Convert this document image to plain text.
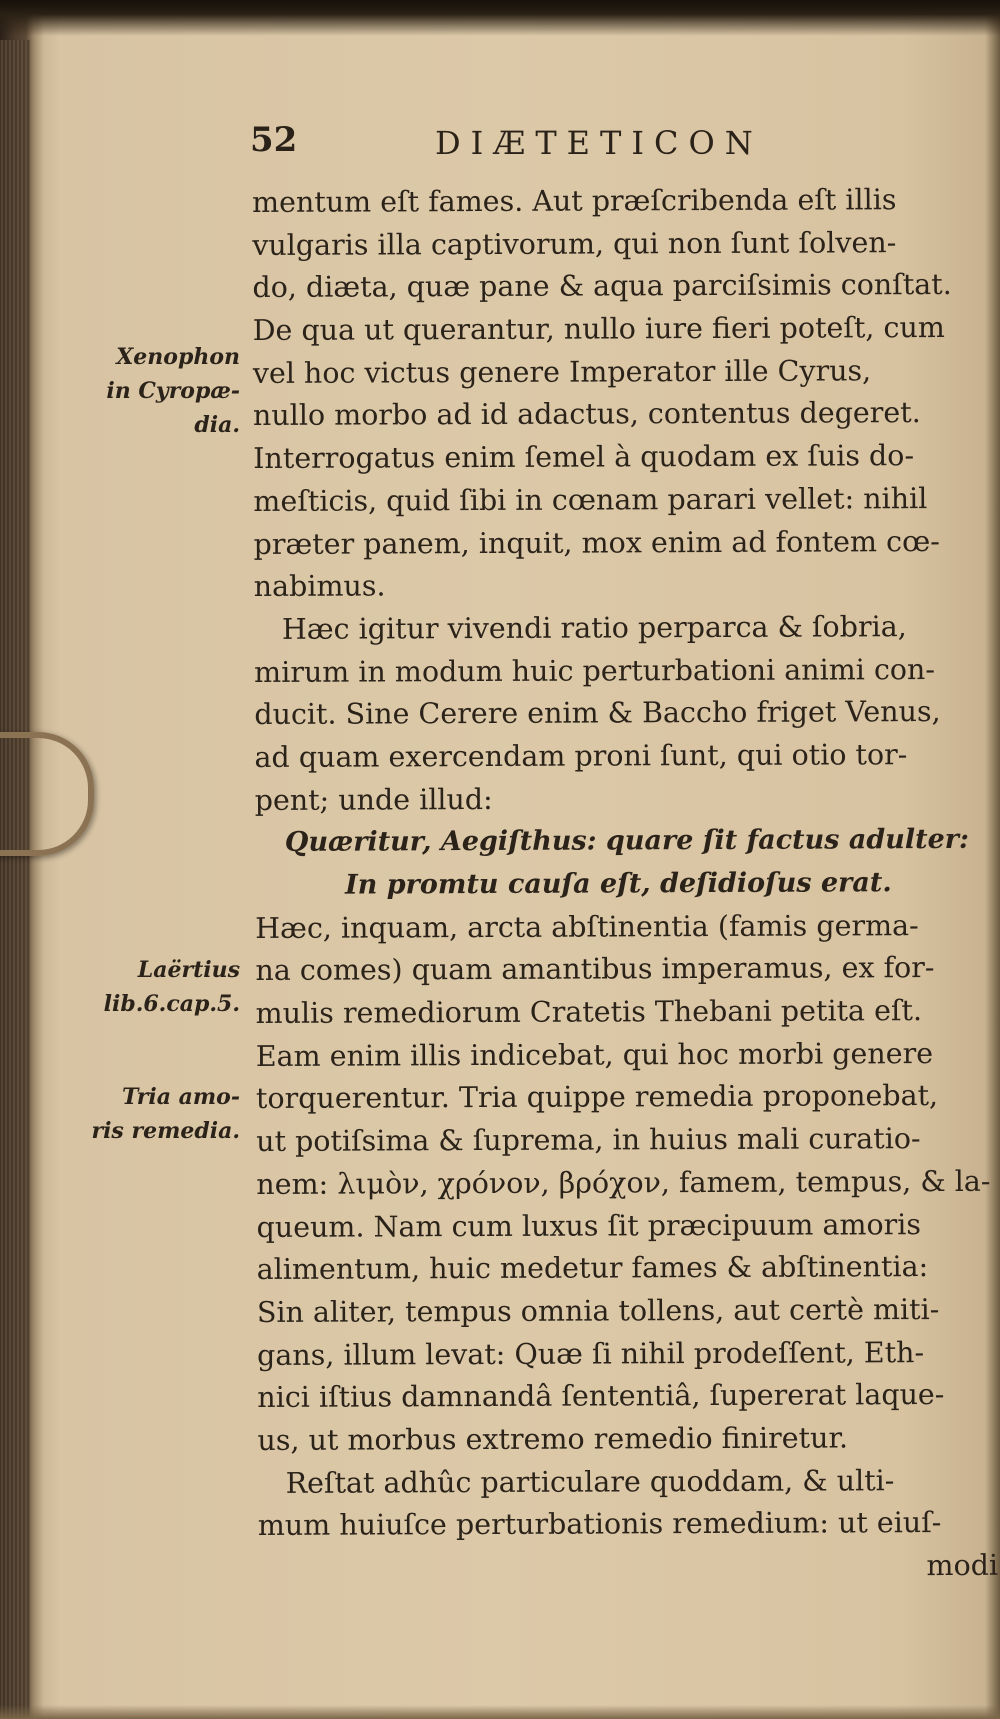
52	DIÆTETICON
mentum eſt fames. Aut præſcribenda eſt illis
vulgaris illa captivorum, qui non ſunt ſolven-
do, diæta, quæ pane & aqua parciſsimis conſtat.
De qua ut querantur, nullo iure fieri poteſt, cum
vel hoc victus genere Imperator ille Cyrus,
nullo morbo ad id adactus, contentus degeret.
Interrogatus enim ſemel à quodam ex ſuis do-
meſticis, quid ſibi in cœnam parari vellet: nihil
præter panem, inquit, mox enim ad fontem cœ-
nabimus.
Hæc igitur vivendi ratio perparca & ſobria,
mirum in modum huic perturbationi animi con-
ducit. Sine Cerere enim & Baccho friget Venus,
ad quam exercendam proni ſunt, qui otio tor-
pent; unde illud:
Quæritur, Aegiſthus: quare ſit factus adulter:
In promtu cauſa eſt, deſidioſus erat.
Hæc, inquam, arcta abſtinentia (famis germa-
na comes) quam amantibus imperamus, ex for-
mulis remediorum Cratetis Thebani petita eſt.
Eam enim illis indicebat, qui hoc morbi genere
torquerentur. Tria quippe remedia proponebat,
ut potiſsima & ſuprema, in huius mali curatio-
nem: λιμὸν, χρόνον, βρόχον, famem, tempus, & la-
queum. Nam cum luxus ſit præcipuum amoris
alimentum, huic medetur fames & abſtinentia:
Sin aliter, tempus omnia tollens, aut certè miti-
gans, illum levat: Quæ ſi nihil prodeſſent, Eth-
nici iſtius damnandâ ſententiâ, ſupererat laque-
us, ut morbus extremo remedio finiretur.
Reſtat adhûc particulare quoddam, & ulti-
mum huiuſce perturbationis remedium: ut eiuſ-
modi
Xenophon
in Cyropæ-
dia.
Laërtius
lib.6.cap.5.
Tria amo-
ris remedia.
